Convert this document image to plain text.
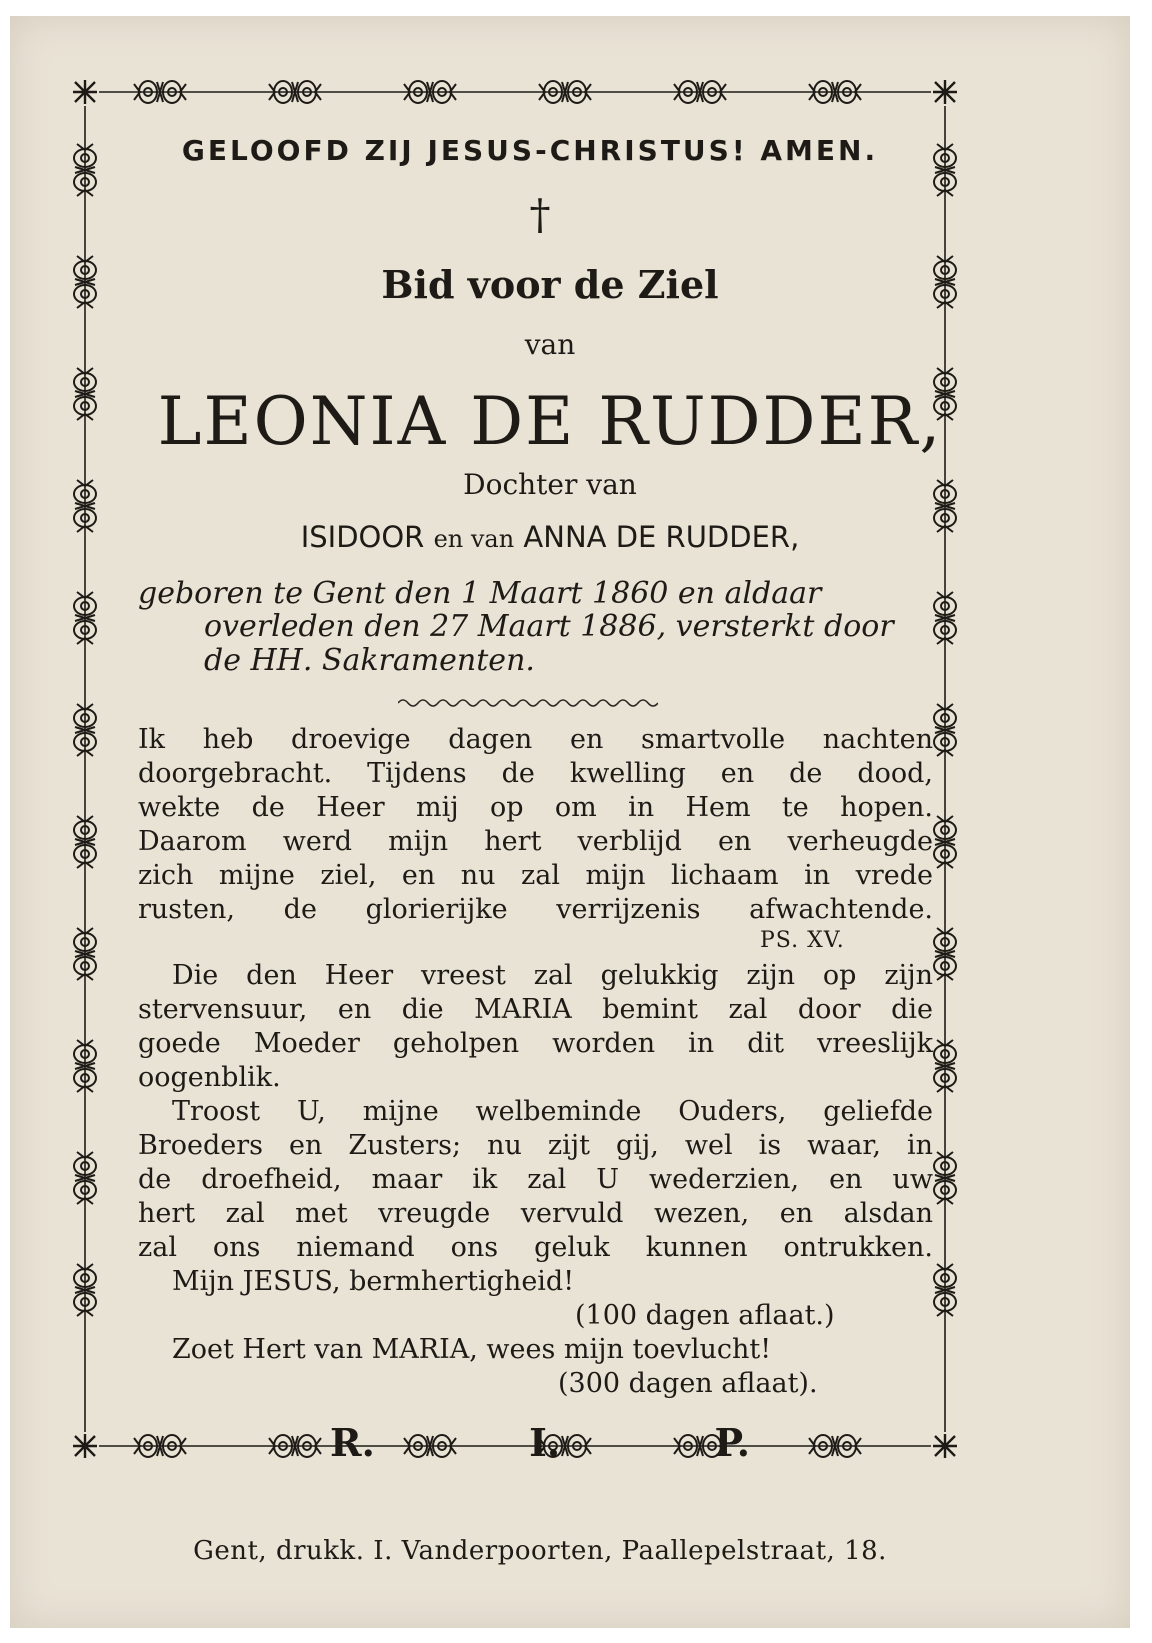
GELOOFD ZIJ JESUS-CHRISTUS! AMEN.
†
Bid voor de Ziel
van
LEONIA DE RUDDER,
Dochter van
ISIDOOR en van ANNA DE RUDDER,
geboren te Gent den 1 Maart 1860 en aldaar
overleden den 27 Maart 1886, versterkt door
de HH. Sakramenten.
Ik heb droevige dagen en smartvolle nachten
doorgebracht. Tijdens de kwelling en de dood,
wekte de Heer mij op om in Hem te hopen.
Daarom werd mijn hert verblijd en verheugde
zich mijne ziel, en nu zal mijn lichaam in vrede
rusten, de glorierijke verrijzenis afwachtende.
PS. XV.
Die den Heer vreest zal gelukkig zijn op zijn
stervensuur, en die MARIA bemint zal door die
goede Moeder geholpen worden in dit vreeslijk
oogenblik.
Troost U, mijne welbeminde Ouders, geliefde
Broeders en Zusters; nu zijt gij, wel is waar, in
de droefheid, maar ik zal U wederzien, en uw
hert zal met vreugde vervuld wezen, en alsdan
zal ons niemand ons geluk kunnen ontrukken.
Mijn JESUS, bermhertigheid!
(100 dagen aflaat.)
Zoet Hert van MARIA, wees mijn toevlucht!
(300 dagen aflaat).
R.	I.	P.
Gent, drukk. I. Vanderpoorten, Paallepelstraat, 18.
